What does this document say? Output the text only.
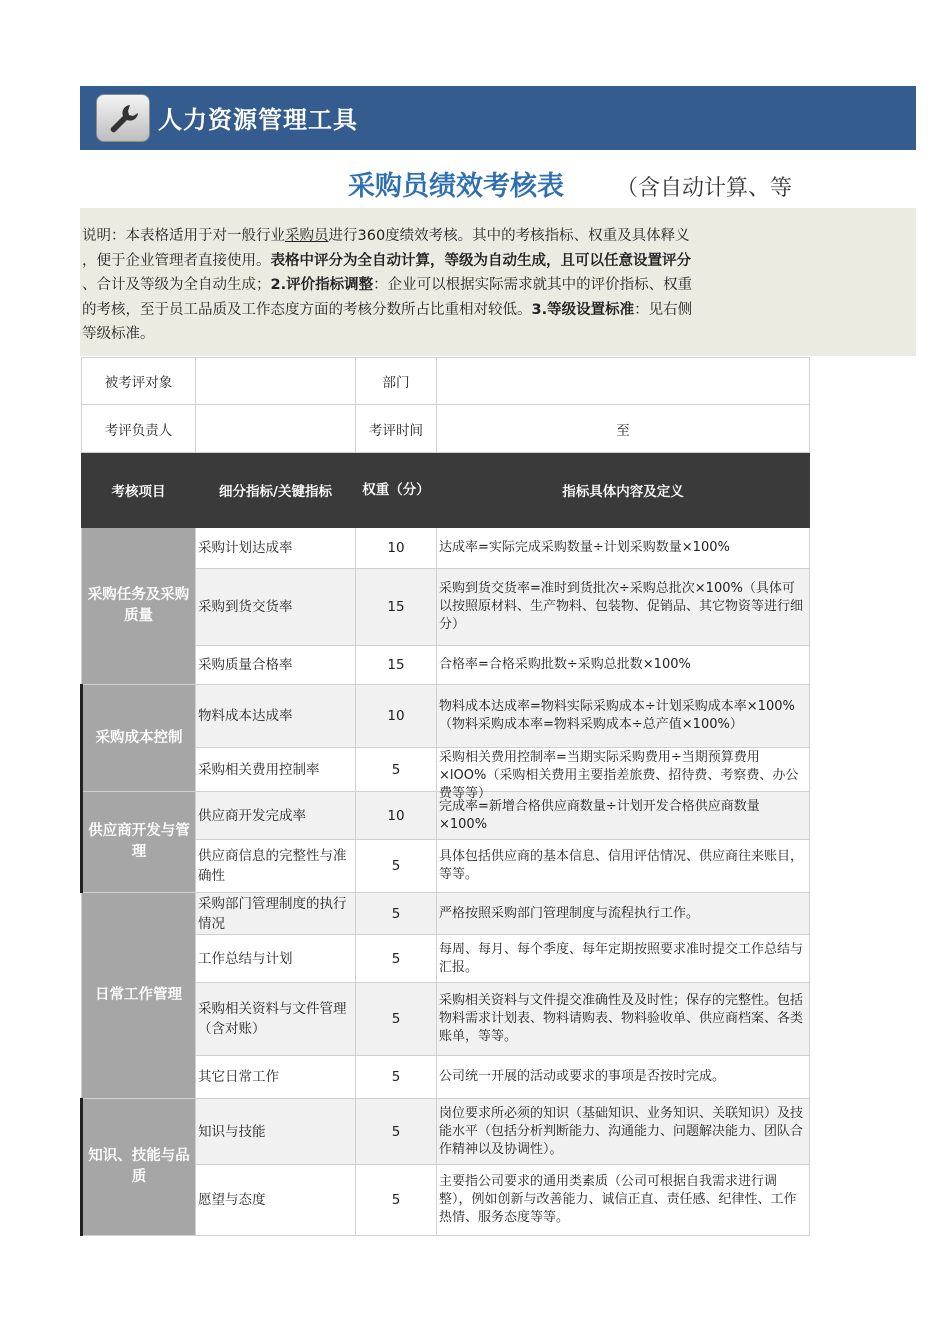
人力资源管理工具
采购员绩效考核表 （含自动计算、等
说明：本表格适用于对一般行业采购员进行360度绩效考核。其中的考核指标、权重及具体释义
，便于企业管理者直接使用。表格中评分为全自动计算，等级为自动生成，且可以任意设置评分
、合计及等级为全自动生成；2.评价指标调整：企业可以根据实际需求就其中的评价指标、权重
的考核，至于员工品质及工作态度方面的考核分数所占比重相对较低。3.等级设置标准：见右侧
等级标准。
被考评对象		部门	
考评负责人		考评时间	至
考核项目	细分指标/关键指标	权重（分）	指标具体内容及定义
采购任务及采购质量	采购计划达成率	10	达成率=实际完成采购数量÷计划采购数量×100%
	采购到货交货率	15	采购到货交货率=准时到货批次÷采购总批次×100%（具体可以按照原材料、生产物料、包装物、促销品、其它物资等进行细分）
	采购质量合格率	15	合格率=合格采购批数÷采购总批数×100%
采购成本控制	物料成本达成率	10	物料成本达成率=物料实际采购成本÷计划采购成本率×100%（物料采购成本率=物料采购成本÷总产值×100%）

	采购相关费用控制率	5	采购相关费用控制率=当期实际采购费用÷当期预算费用×lOO%（采购相关费用主要指差旅费、招待费、考察费、办公费等等）

供应商开发与管理	供应商开发完成率	10	完成率=新增合格供应商数量÷计划开发合格供应商数量×100%
	供应商信息的完整性与准确性	5	具体包括供应商的基本信息、信用评估情况、供应商往来账目，等等。
日常工作管理	采购部门管理制度的执行情况	5	严格按照采购部门管理制度与流程执行工作。
	工作总结与计划	5	每周、每月、每个季度、每年定期按照要求准时提交工作总结与汇报。
	采购相关资料与文件管理（含对账）	5	采购相关资料与文件提交准确性及及时性；保存的完整性。包括物料需求计划表、物料请购表、物料验收单、供应商档案、各类账单，等等。
	其它日常工作	5	公司统一开展的活动或要求的事项是否按时完成。
知识、技能与品质	知识与技能	5	岗位要求所必须的知识（基础知识、业务知识、关联知识）及技能水平（包括分析判断能力、沟通能力、问题解决能力、团队合作精神以及协调性）。
	愿望与态度	5	主要指公司要求的通用类素质（公司可根据自我需求进行调整），例如创新与改善能力、诚信正直、责任感、纪律性、工作热情、服务态度等等。
